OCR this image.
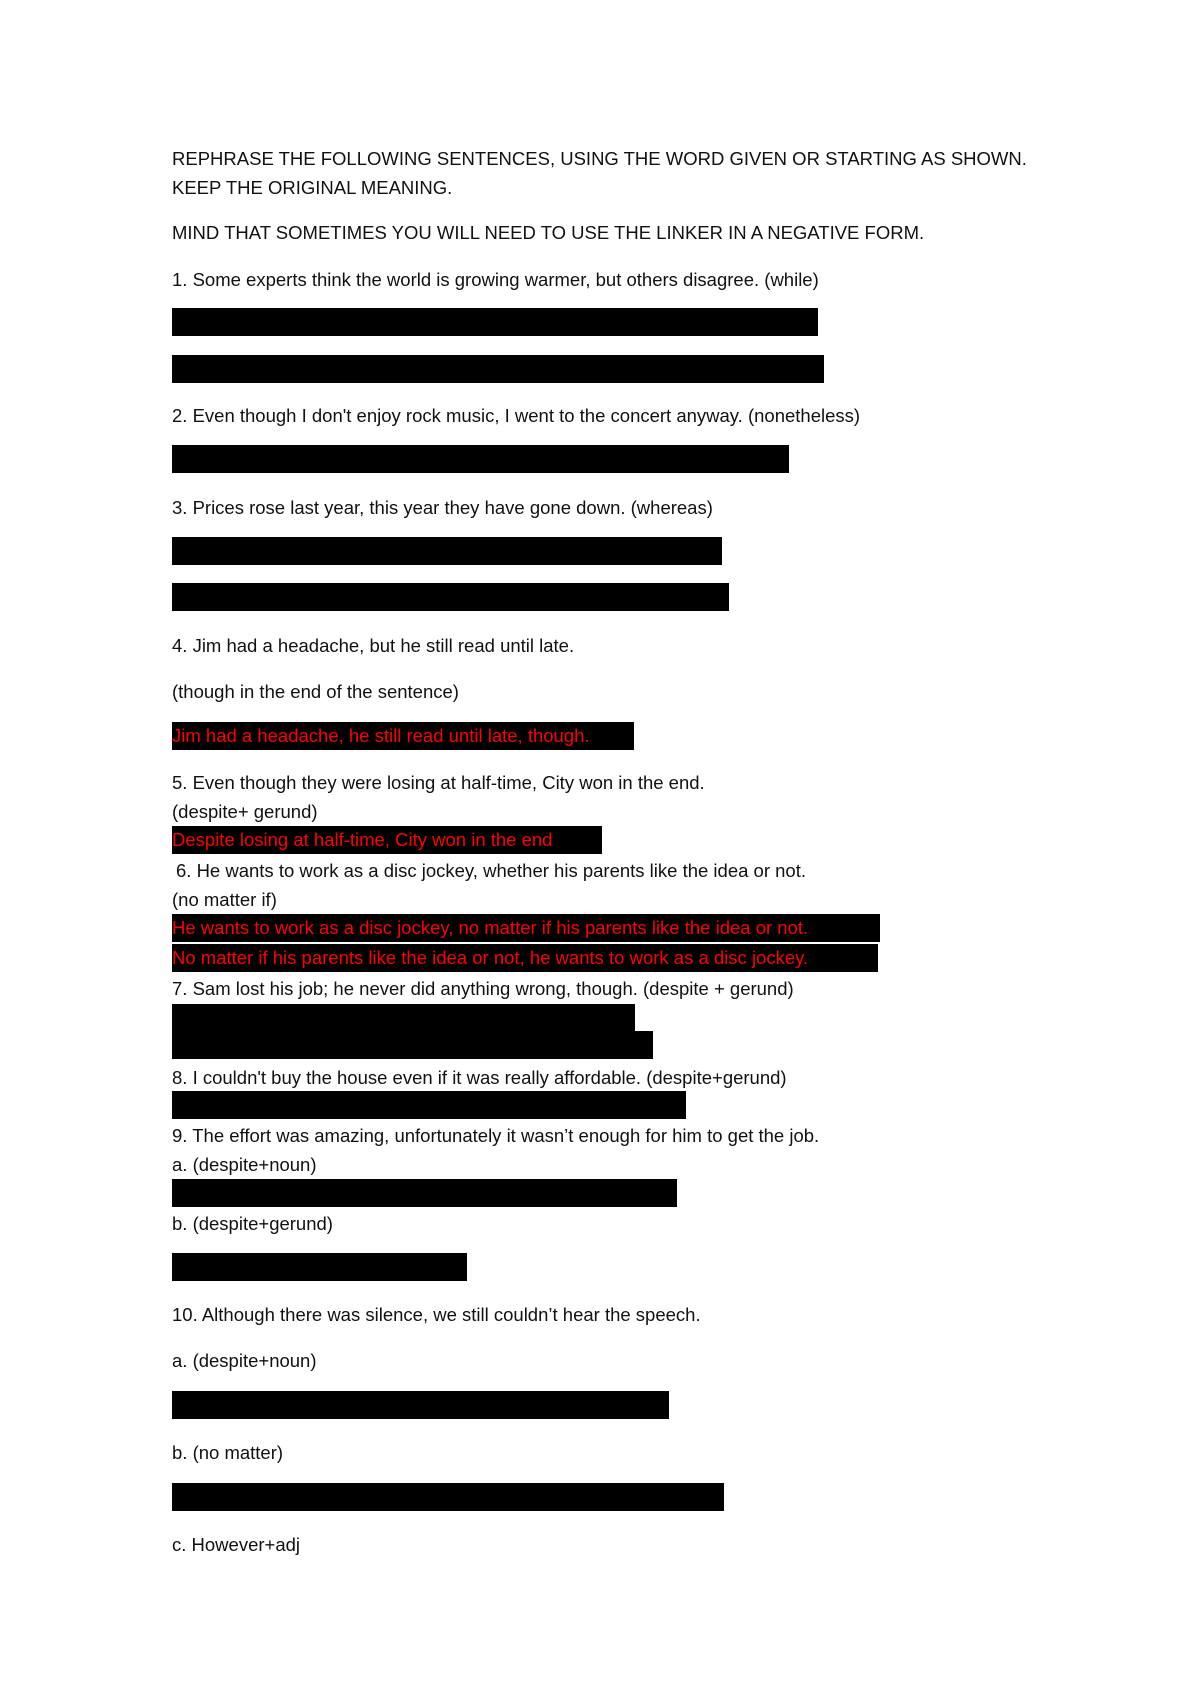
REPHRASE THE FOLLOWING SENTENCES, USING THE WORD GIVEN OR STARTING AS SHOWN.

KEEP THE ORIGINAL MEANING.

MIND THAT SOMETIMES YOU WILL NEED TO USE THE LINKER IN A NEGATIVE FORM.

1. Some experts think the world is growing warmer, but others disagree. (while)

2. Even though I don't enjoy rock music, I went to the concert anyway. (nonetheless)

3. Prices rose last year, this year they have gone down. (whereas)

4. Jim had a headache, but he still read until late.

(though in the end of the sentence)

Jim had a headache, he still read until late, though.

5. Even though they were losing at half-time, City won in the end.

(despite+ gerund)

Despite losing at half-time, City won in the end

6. He wants to work as a disc jockey, whether his parents like the idea or not.

(no matter if)

He wants to work as a disc jockey, no matter if his parents like the idea or not.
No matter if his parents like the idea or not, he wants to work as a disc jockey.

7. Sam lost his job; he never did anything wrong, though. (despite + gerund)

8. I couldn't buy the house even if it was really affordable. (despite+gerund)

9. The effort was amazing, unfortunately it wasn’t enough for him to get the job.

a. (despite+noun)

b. (despite+gerund)

10. Although there was silence, we still couldn’t hear the speech.

a. (despite+noun)

b. (no matter)

c. However+adj
